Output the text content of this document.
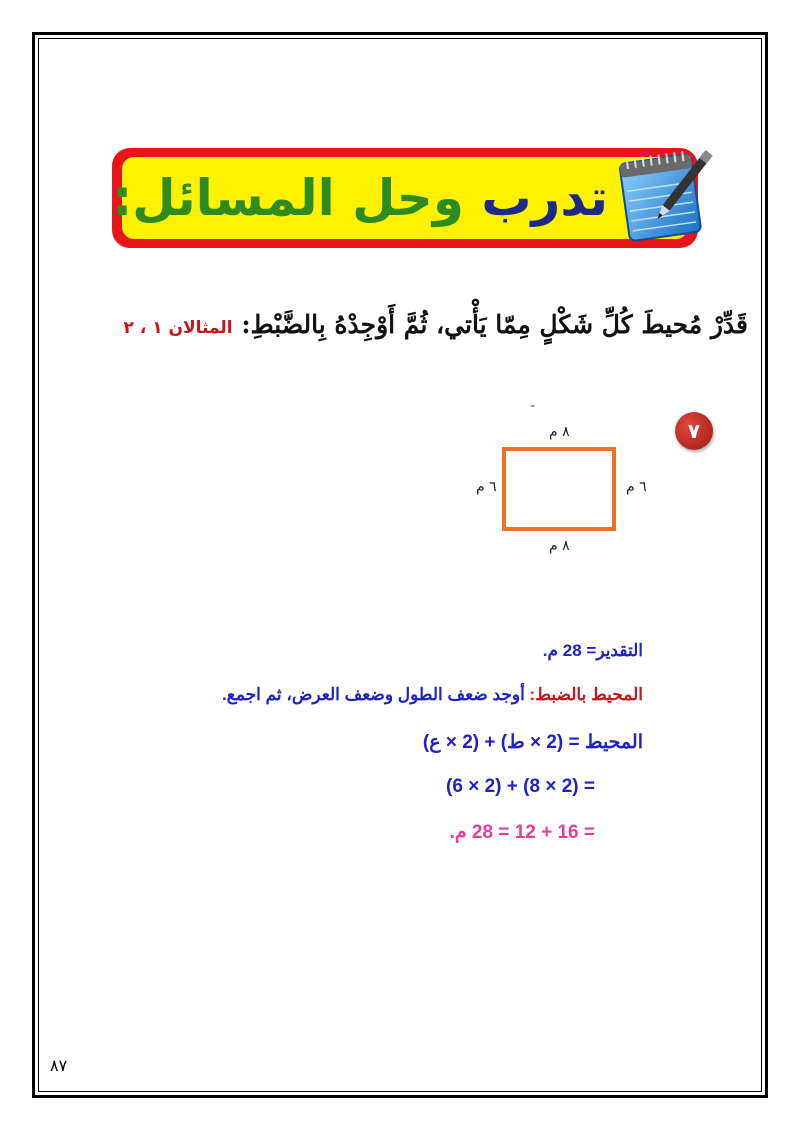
تدرب وحل المسائل:
قَدِّرْ مُحيطَ كُلِّ شَكْلٍ مِمّا يَأْتي، ثُمَّ أَوْجِدْهُ بِالضَّبْطِ: المثالان ١ ، ٢
-
٧
٨ م
٨ م
٦ م	٦ م
التقدير= 28 م.
المحيط بالضبط: أوجد ضعف الطول وضعف العرض، ثم اجمع.
المحيط = (2 × ط) + (2 × ع)
= (2 × 8) + (2 × 6)
= 16 + 12 = 28 م.
٨٧
